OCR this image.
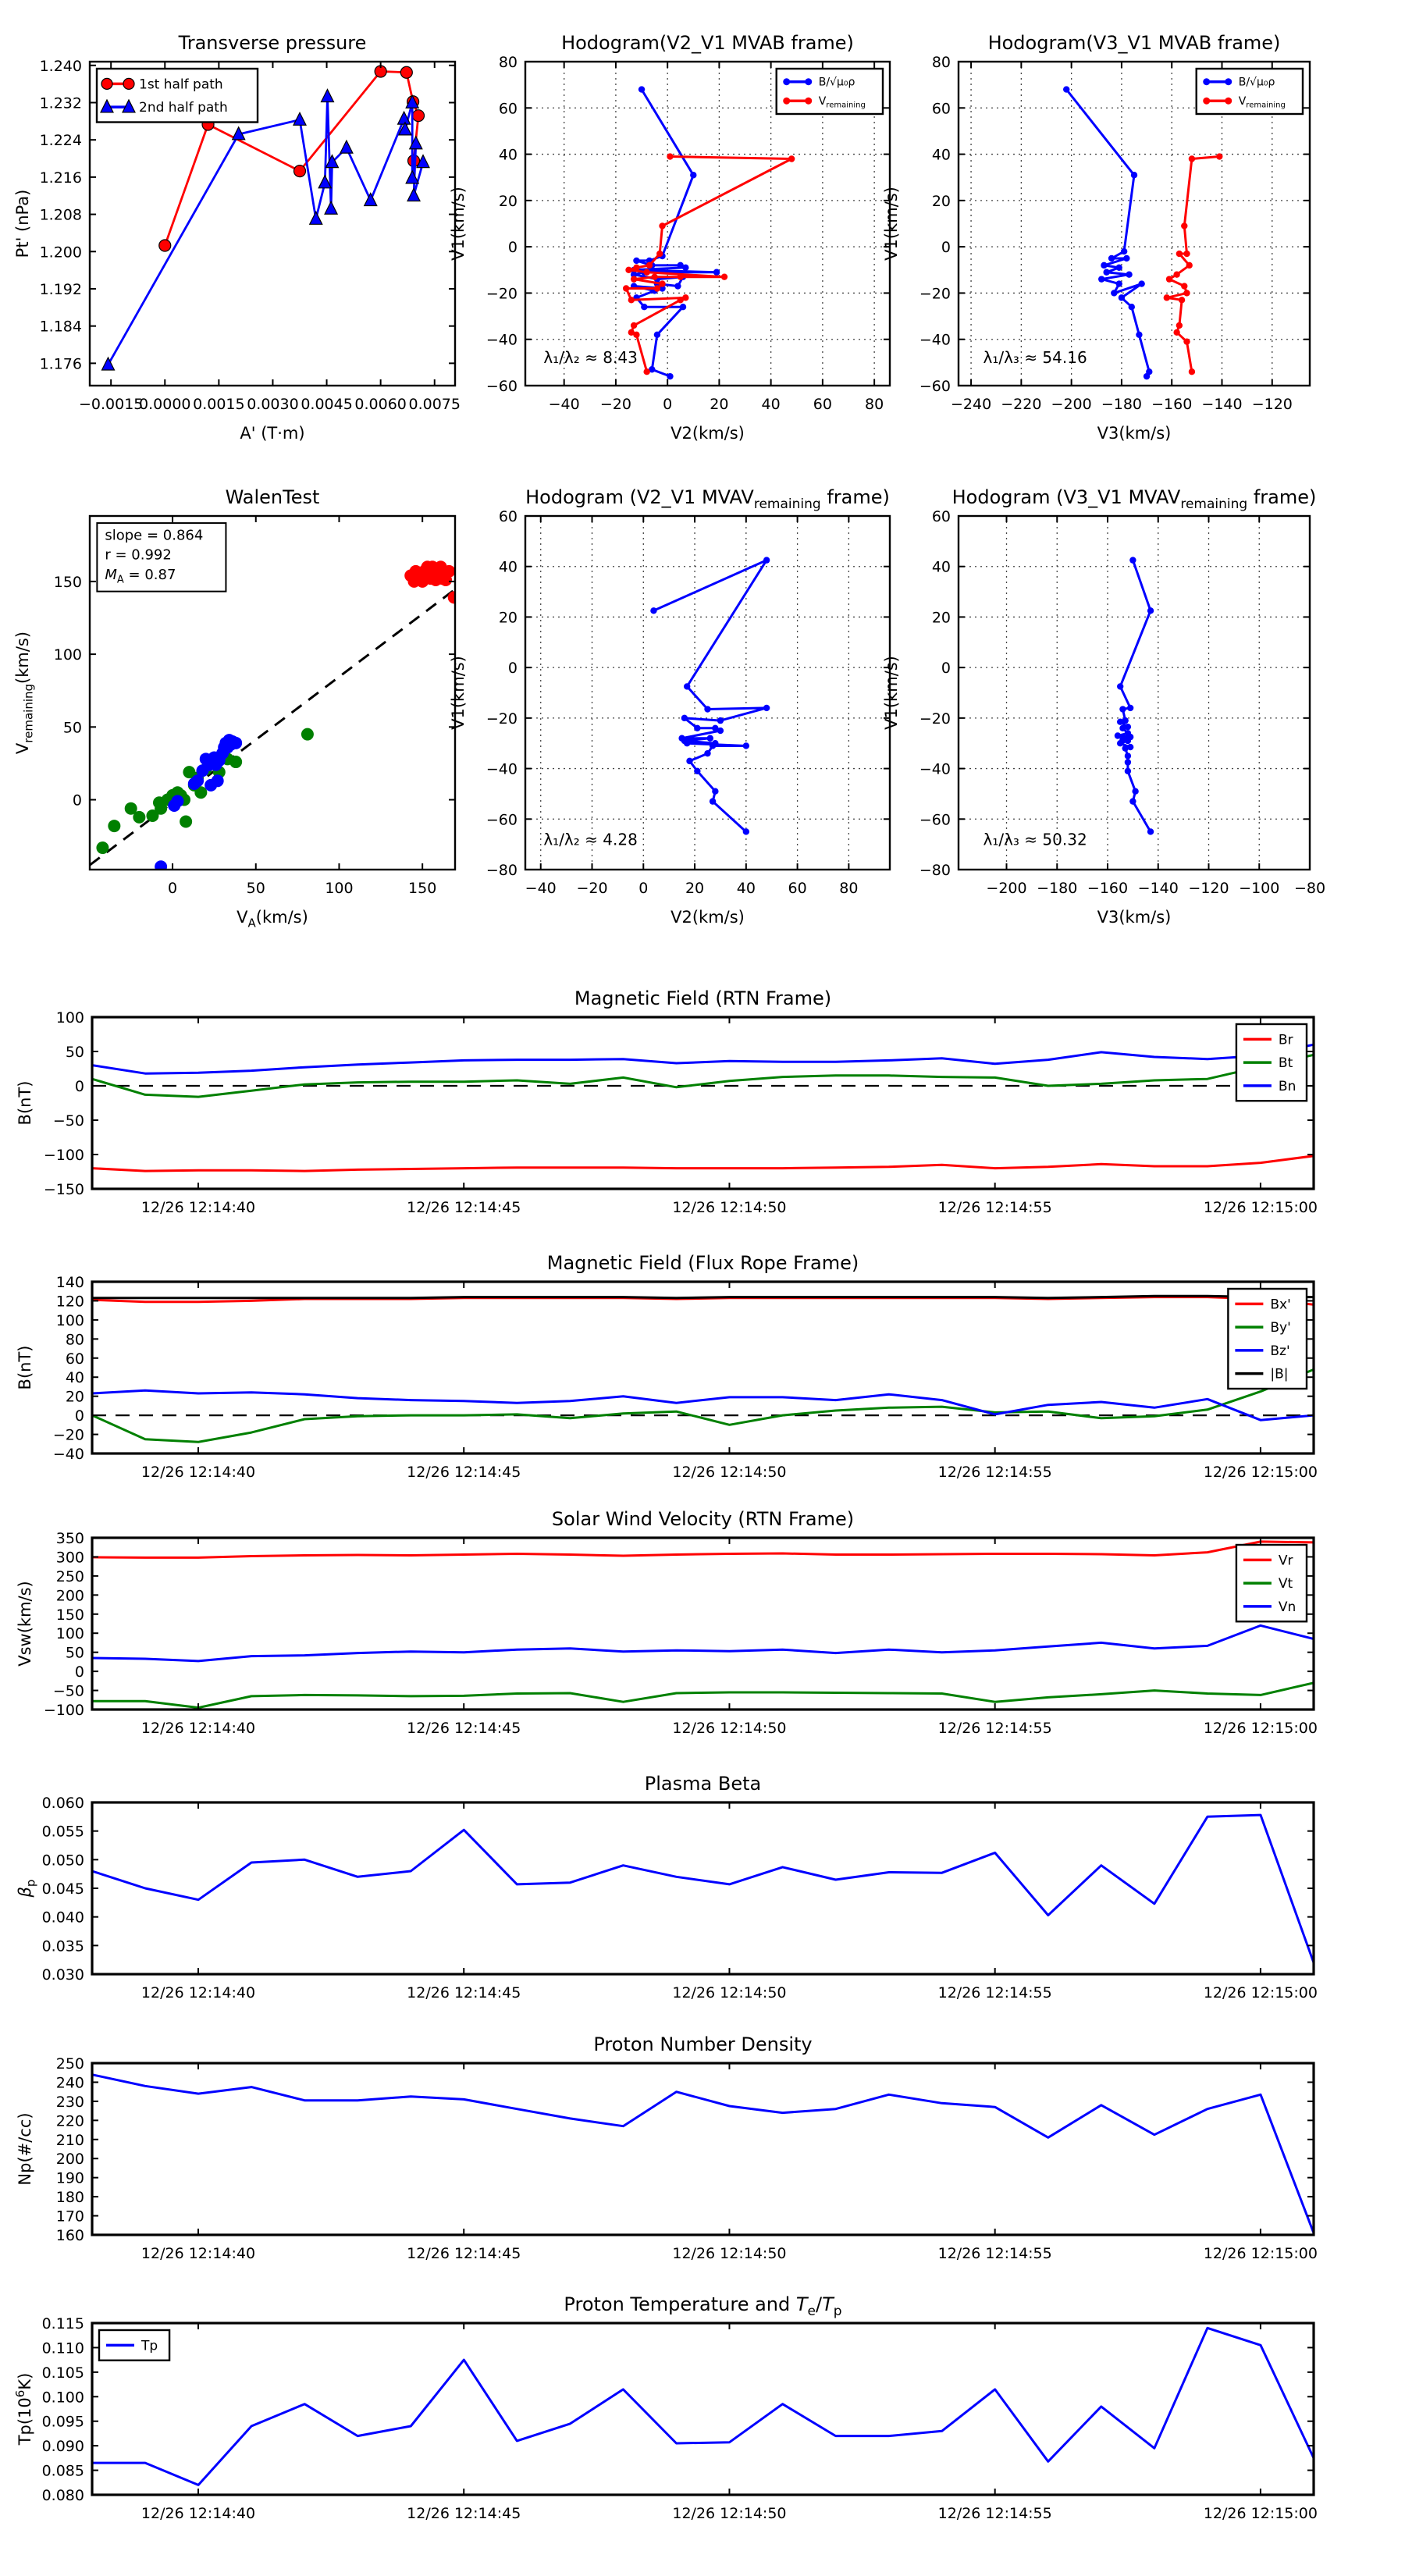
−0.0015
0.0000 0.0015 0.0030 0.0045 0.0060 0.0075
1.176
1.184
1.192
1.200
1.208
1.216
1.224
1.232
1.240
Transverse pressure
A' (T·m)
Pt' (nPa)
1st half path
2nd half path
−40 −20 0	20 40 60 80
−60
−40
−20
0
20
40
60
80
Hodogram(V2_V1 MVAB frame)
V2(km/s)
V1(km/s)
B/√μ₀ρ
$V_{remaining}$
λ₁/λ₂ ≈ 8.43
−240 −220 −200 −180 −160 −140 −120
−60
−40
−20
0
20
40
60
80
Hodogram(V3_V1 MVAB frame)
V3(km/s)
V1(km/s)
B/√μ₀ρ
$V_{remaining}$
λ₁/λ₃ ≈ 54.16
0	50	100	150
0
50
100
150
WalenTest
$V_A(km/s)$
$V_{remaining}(km/s)$
slope = 0.864
r = 0.992
$M_A = 0.87$
−40 −20 0	20 40 60 80
−80
−60
−40
−20
0
20
40
60
Hodogram (V2_V1 $MVAV_{remaining}$ frame)
V2(km/s)
V1(km/s)
λ₁/λ₂ ≈ 4.28
−200 −180 −160 −140 −120 −100 −80
−80
−60
−40
−20
0
20
40
60
Hodogram (V3_V1 $MVAV_{remaining}$ frame)
V3(km/s)
V1(km/s)
λ₁/λ₃ ≈ 50.32
12/26 12:14:40	12/26 12:14:45	12/26 12:14:50	12/26 12:14:55	12/26 12:15:00
−150
−100
−50
0
50
100
Magnetic Field (RTN Frame)
B(nT)
Br
Bt
Bn
12/26 12:14:40	12/26 12:14:45	12/26 12:14:50	12/26 12:14:55	12/26 12:15:00
−40
−20
0
20
40
60
80
100
120
140
Magnetic Field (Flux Rope Frame)
B(nT)
Bx'
By'
Bz'
|B|
12/26 12:14:40	12/26 12:14:45	12/26 12:14:50	12/26 12:14:55	12/26 12:15:00
−100
−50
0
50
100
150
200
250
300
350
Solar Wind Velocity (RTN Frame)
Vsw(km/s)
Vr
Vt
Vn
12/26 12:14:40	12/26 12:14:45	12/26 12:14:50	12/26 12:14:55	12/26 12:15:00
0.030
0.035
0.040
0.045
0.050
0.055
0.060
Plasma Beta
$\beta_p$
12/26 12:14:40	12/26 12:14:45	12/26 12:14:50	12/26 12:14:55	12/26 12:15:00
160
170
180
190
200
210
220
230
240
250
Proton Number Density
Np(#/cc)
12/26 12:14:40	12/26 12:14:45	12/26 12:14:50	12/26 12:14:55	12/26 12:15:00
0.080
0.085
0.090
0.095
0.100
0.105
0.110
0.115
Proton Temperature and $T_e/T_p$
$Tp(10^6K)$
Tp
